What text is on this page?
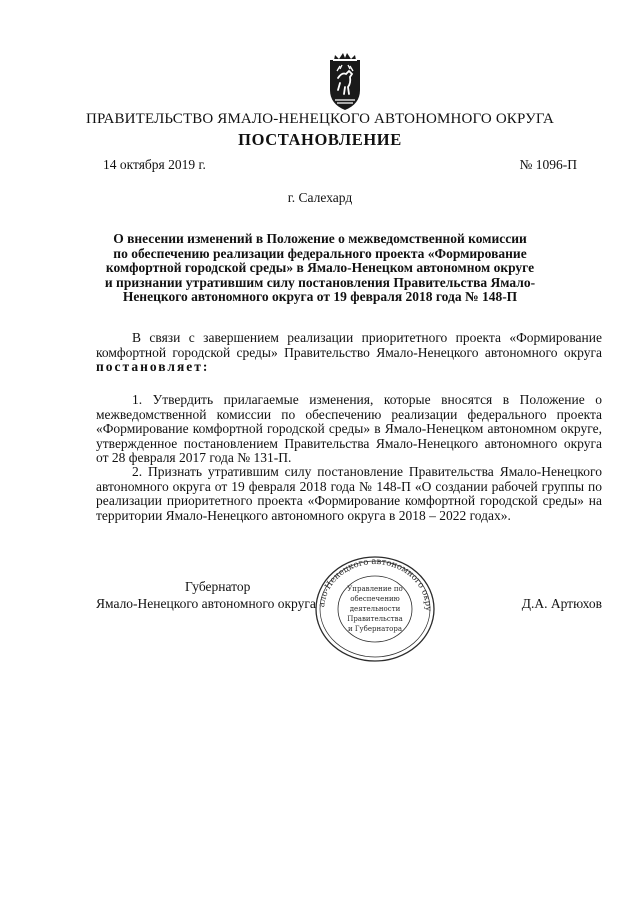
ПРАВИТЕЛЬСТВО ЯМАЛО-НЕНЕЦКОГО АВТОНОМНОГО ОКРУГА
ПОСТАНОВЛЕНИЕ
14 октября 2019 г.	№ 1096-П
г. Салехард
О внесении изменений в Положение о межведомственной комиссии
по обеспечению реализации федерального проекта «Формирование
комфортной городской среды» в Ямало-Ненецком автономном округе
и признании утратившим силу постановления Правительства Ямало-
Ненецкого автономного округа от 19 февраля 2018 года № 148-П

В связи с завершением реализации приоритетного проекта «Формирование комфортной городской среды» Правительство Ямало-Ненецкого автономного округа постановляет:

1. Утвердить прилагаемые изменения, которые вносятся в Положение о межведомственной комиссии по обеспечению реализации федерального проекта «Формирование комфортной городской среды» в Ямало-Ненецком автономном округе, утвержденное постановлением Правительства Ямало-Ненецкого автономного округа от 28 февраля 2017 года № 131-П.

2. Признать утратившим силу постановление Правительства Ямало-Ненецкого автономного округа от 19 февраля 2018 года № 148-П «О создании рабочей группы по реализации приоритетного проекта «Формирование комфортной городской среды» на территории Ямало-Ненецкого автономного округа в 2018 – 2022 годах».

Губернатор
Ямало-Ненецкого автономного округа	Д.А. Артюхов
ало-Ненецкого автономного окру
Управление по
обеспечению
деятельности
Правительства
и Губернатора
